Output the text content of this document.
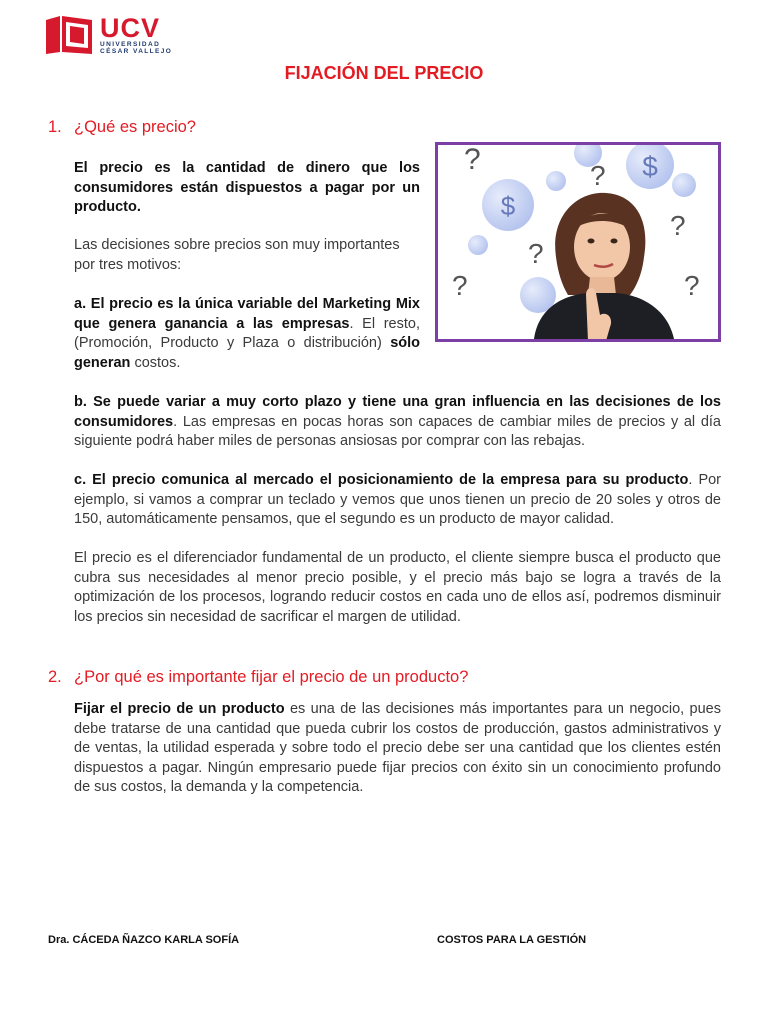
UCV
UNIVERSIDAD
CÉSAR VALLEJO
FIJACIÓN DEL PRECIO
1. ¿Qué es precio?
El precio es la cantidad de dinero que los consumidores están dispuestos a pagar por un producto.
Las decisiones sobre precios son muy importantes por tres motivos:
a. El precio es la única variable del Marketing Mix que genera ganancia a las empresas. El resto, (Promoción, Producto y Plaza o distribución) sólo generan costos.
$
$
?	?
?
?
?
?
b. Se puede variar a muy corto plazo y tiene una gran influencia en las decisiones de los consumidores. Las empresas en pocas horas son capaces de cambiar miles de precios y al día siguiente podrá haber miles de personas ansiosas por comprar con las rebajas.
c. El precio comunica al mercado el posicionamiento de la empresa para su producto. Por ejemplo, si vamos a comprar un teclado y vemos que unos tienen un precio de 20 soles y otros de 150, automáticamente pensamos, que el segundo es un producto de mayor calidad.
El precio es el diferenciador fundamental de un producto, el cliente siempre busca el producto que cubra sus necesidades al menor precio posible, y el precio más bajo se logra a través de la optimización de los procesos, logrando reducir costos en cada uno de ellos así, podremos disminuir los precios sin necesidad de sacrificar el margen de utilidad.
2. ¿Por qué es importante fijar el precio de un producto?
Fijar el precio de un producto es una de las decisiones más importantes para un negocio, pues debe tratarse de una cantidad que pueda cubrir los costos de producción, gastos administrativos y de ventas, la utilidad esperada y sobre todo el precio debe ser una cantidad que los clientes estén dispuestos a pagar. Ningún empresario puede fijar precios con éxito sin un conocimiento profundo de sus costos, la demanda y la competencia.
Dra. CÁCEDA ÑAZCO KARLA SOFÍA	COSTOS PARA LA GESTIÓN
